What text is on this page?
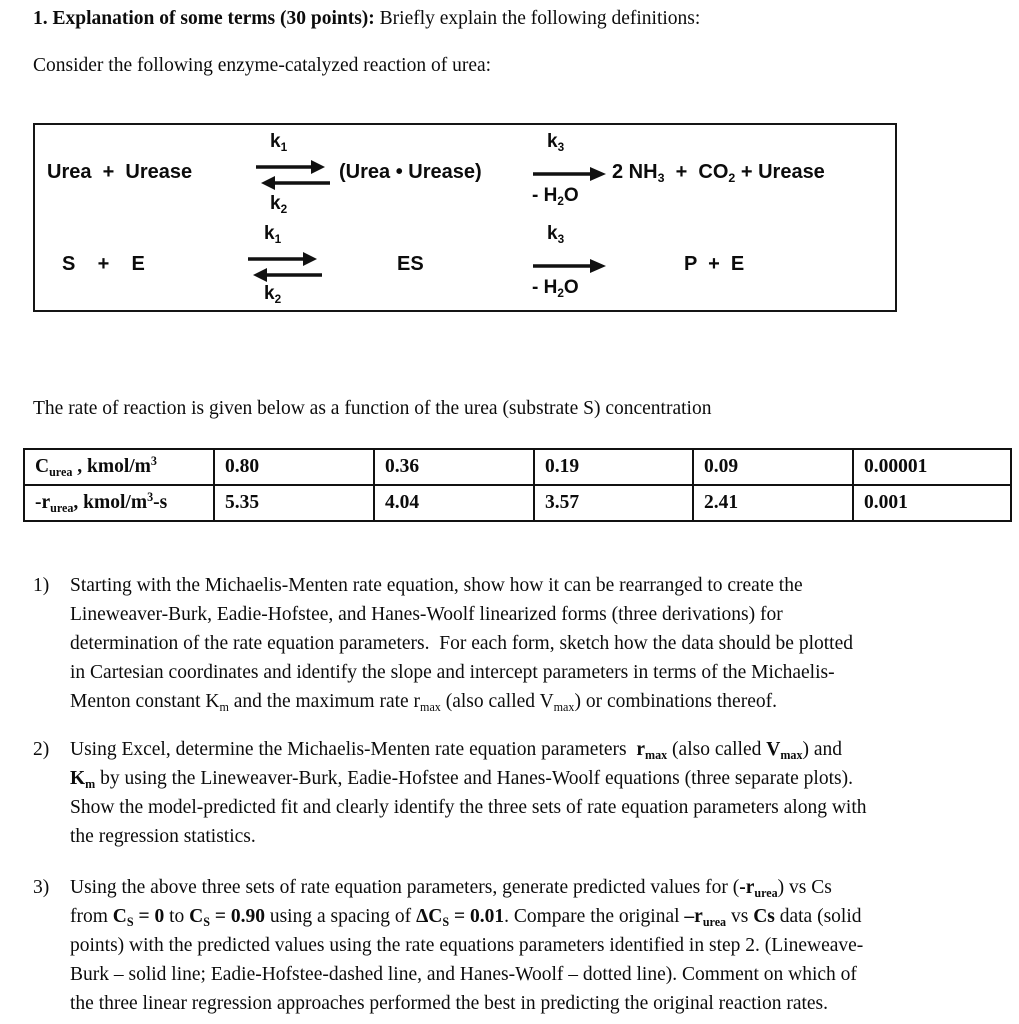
1. Explanation of some terms (30 points): Briefly explain the following definitions:
Consider the following enzyme-catalyzed reaction of urea:
Urea  +  Urease
$k_1$
$k_2$
(Urea • Urease)
$k_3$
- $H_2O$
2 $NH_3 + CO_2$ + Urease
S    +    E
$k_1$
$k_2$
ES
$k_3$
- $H_2O$
P  +  E
The rate of reaction is given below as a function of the urea (substrate S) concentration
$C_{urea}$ , kmol/$m^3$	0.80	0.36	0.19	0.09	0.00001
$-r_{urea}$, kmol/$m^3-s$	5.35	4.04	3.57	2.41	0.001
1)	Starting with the Michaelis-Menten rate equation, show how it can be rearranged to create the
Lineweaver-Burk, Eadie-Hofstee, and Hanes-Woolf linearized forms (three derivations) for
determination of the rate equation parameters.  For each form, sketch how the data should be plotted
in Cartesian coordinates and identify the slope and intercept parameters in terms of the Michaelis-
Menton constant $K_m$ and the maximum rate $r_{max}$ (also called $V_{max}$) or combinations thereof.
2)	Using Excel, determine the Michaelis-Menten rate equation parameters  $r_{max}$ (also called $V_{max}$) and
$K_m$ by using the Lineweaver-Burk, Eadie-Hofstee and Hanes-Woolf equations (three separate plots).
Show the model-predicted fit and clearly identify the three sets of rate equation parameters along with
the regression statistics.
3)	Using the above three sets of rate equation parameters, generate predicted values for $(-r_{urea})$ vs Cs
from $C_S = 0$ to $C_S = 0.90$ using a spacing of $\Delta C_S = 0.01$. Compare the original $-r_{urea}$ vs Cs data (solid
points) with the predicted values using the rate equations parameters identified in step 2. (Lineweave-
Burk – solid line; Eadie-Hofstee-dashed line, and Hanes-Woolf – dotted line). Comment on which of
the three linear regression approaches performed the best in predicting the original reaction rates.
